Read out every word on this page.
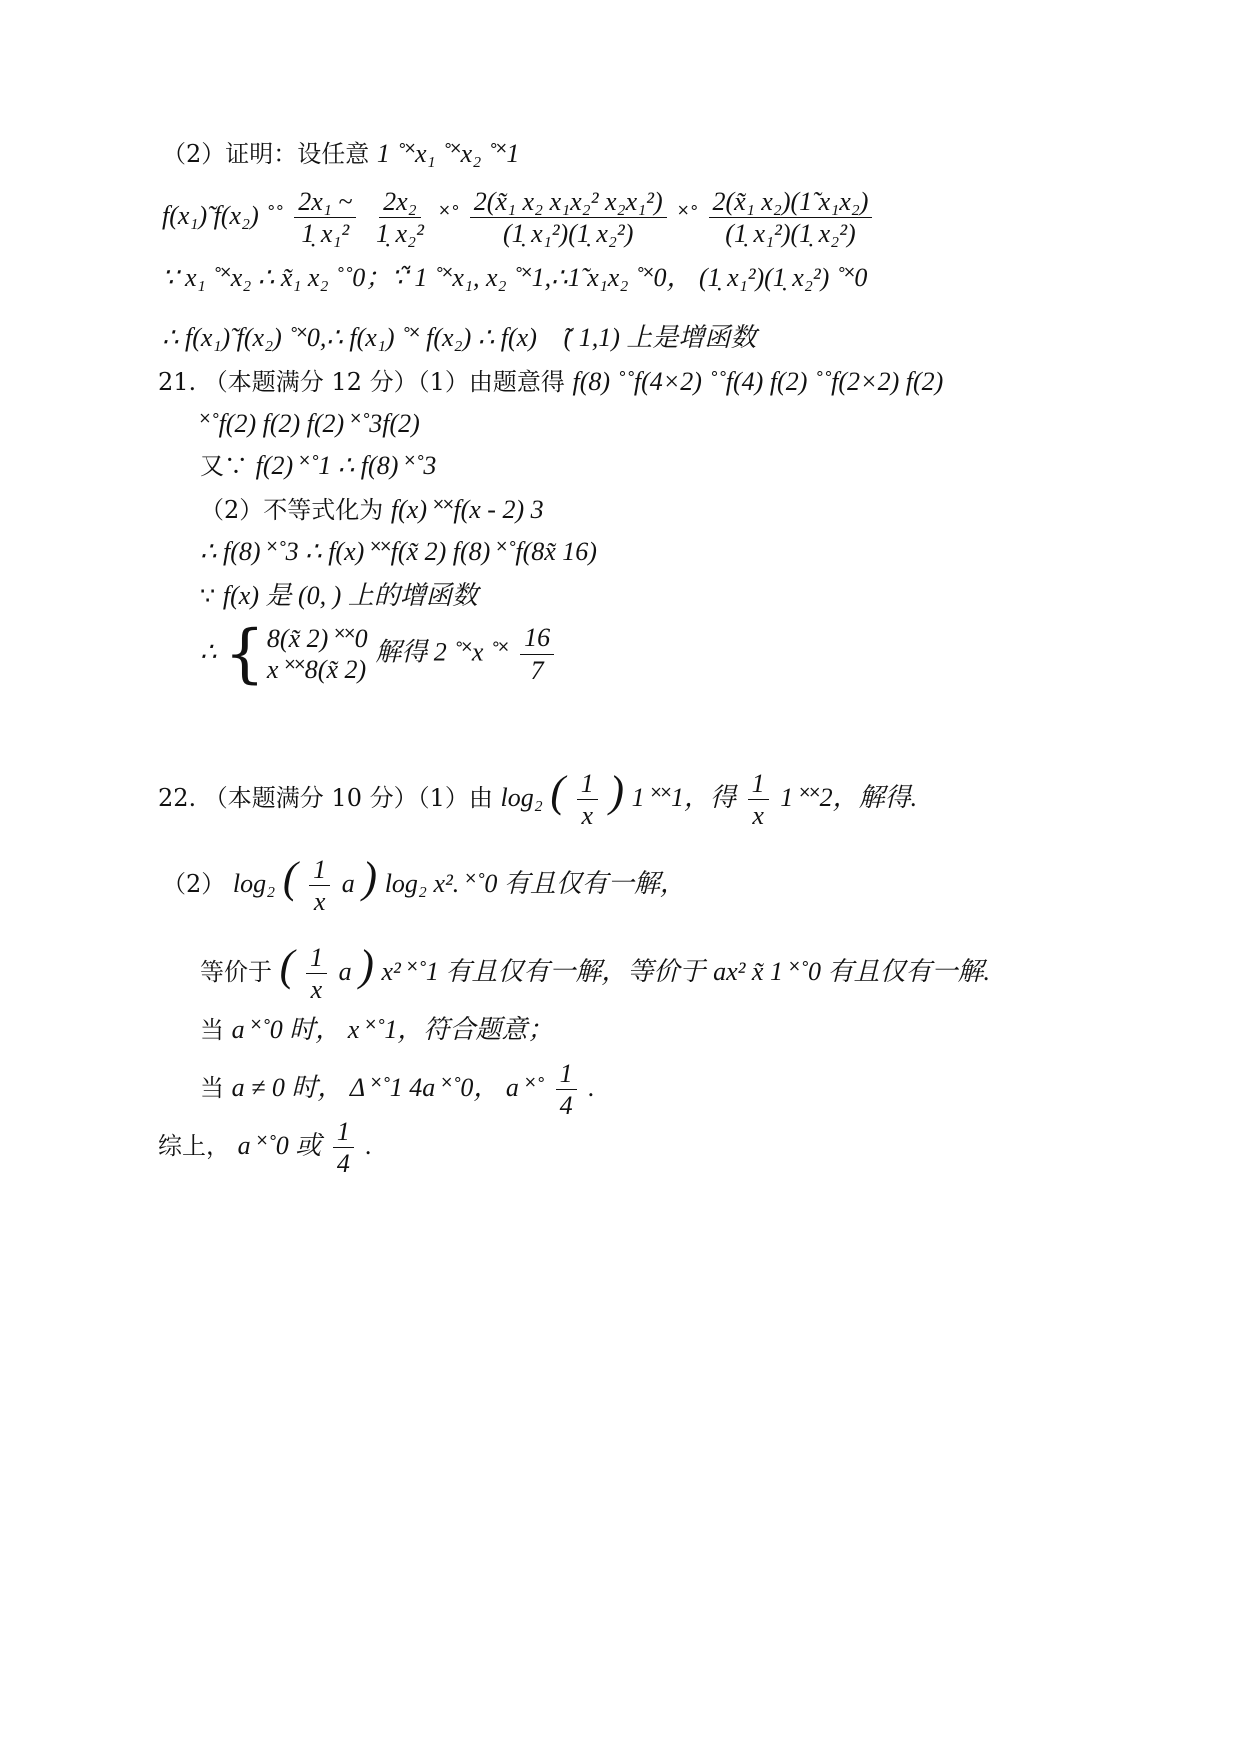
（2）证明：设任意 1 ˚˟x₁ ˚˟x₂ ˚˟1
f(x₁)̃ f(x₂) ˚˚ $\frac{\text{2x₁ \textasciitilde{}}}{\text{1̣ x₁²}}$
$\frac{\text{2x₂}}{\text{1̣ x₂²}}$ ˟˚ $\frac{\text{2(x̃₁ x₂ x₁x₂² x₂x₁²)}}{\text{(1̣ x₁²)(1̣ x₂²)}}$ ˟˚ $\frac{\text{2(x̃₁ x₂)(1̃ x₁x₂)}}{\text{(1̣ x₁²)(1̣ x₂²)}}$
∵ x₁ ˚˟x₂ ∴ x̃₁ x₂ ˚˚0；∵̃ 1 ˚˟x₁, x₂ ˚˟1,∴1̃ x₁x₂ ˚˟0， (1̣ x₁²)(1̣ x₂²) ˚˟0
∴ f(x₁)̃ f(x₂) ˚˟0,∴ f(x₁) ˚˟ f(x₂) ∴ f(x) 在̃( 1,1) 上是增函数
21. （本题满分 12 分）（1）由题意得 f(8) ˚˚f(4×2) ˚˚f(4) f(2) ˚˚f(2×2) f(2)
˟˚f(2) f(2) f(2) ˟˚3f(2)
又∵ f(2) ˟˚1 ∴ f(8) ˟˚3
（2）不等式化为 f(x) ˟˟f(x - 2) 3
∴ f(8) ˟˚3 ∴ f(x) ˟˟f(x̃ 2) f(8) ˟˚f(8x̃ 16)
∵ f(x) 是 (0, ) 上的增函数
∴ { 8(x̃ 2) ˟˟0
x ˟˟8(x̃ 2)
解得 2 ˚˟x ˚˟ $\frac{16}{7}$
22. （本题满分 10 分）（1）由 log₂ ( $\frac{1}{x}$ ) 1 ˟˟1，得 $\frac{1}{x} 1$ ˟˟2，解得.
（2） log₂ ( $\frac{1}{x}$ a ) log₂ x². ˟˚0 有且仅有一解，
等价于 ( $\frac{1}{x}$ a ) x² ˟˚1 有且仅有一解，等价于 ax² x̃ 1 ˟˚0 有且仅有一解.
当 a ˟˚0 时， x ˟˚1，符合题意；
当 a ≠ 0 时， Δ ˟˚1 4a ˟˚0， a ˟˚ $\frac{1}{4}$ .
综上， a ˟˚0 或 $\frac{1}{4}$ .
